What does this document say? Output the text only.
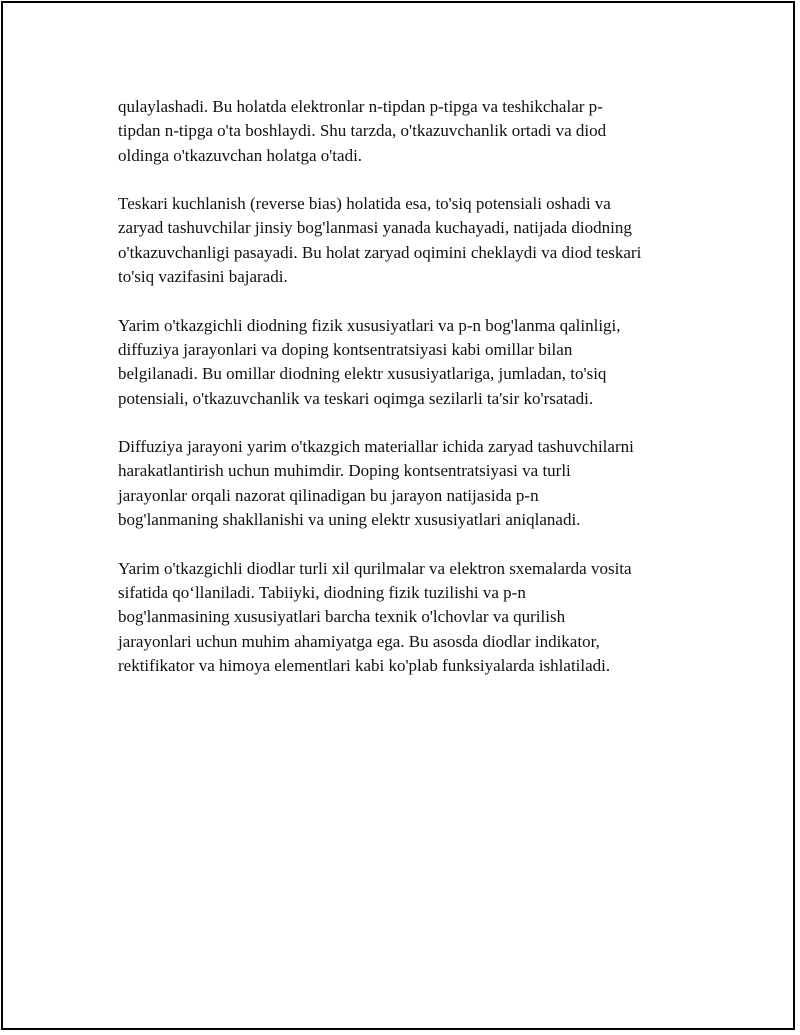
qulaylashadi. Bu holatda elektronlar n-tipdan p-tipga va teshikchalar p-
tipdan n-tipga o'ta boshlaydi. Shu tarzda, o'tkazuvchanlik ortadi va diod
oldinga o'tkazuvchan holatga o'tadi.

Teskari kuchlanish (reverse bias) holatida esa, to'siq potensiali oshadi va
zaryad tashuvchilar jinsiy bog'lanmasi yanada kuchayadi, natijada diodning
o'tkazuvchanligi pasayadi. Bu holat zaryad oqimini cheklaydi va diod teskari
to'siq vazifasini bajaradi.

Yarim o'tkazgichli diodning fizik xususiyatlari va p-n bog'lanma qalinligi,
diffuziya jarayonlari va doping kontsentratsiyasi kabi omillar bilan
belgilanadi. Bu omillar diodning elektr xususiyatlariga, jumladan, to'siq
potensiali, o'tkazuvchanlik va teskari oqimga sezilarli ta'sir ko'rsatadi.

Diffuziya jarayoni yarim o'tkazgich materiallar ichida zaryad tashuvchilarni
harakatlantirish uchun muhimdir. Doping kontsentratsiyasi va turli
jarayonlar orqali nazorat qilinadigan bu jarayon natijasida p-n
bog'lanmaning shakllanishi va uning elektr xususiyatlari aniqlanadi.

Yarim o'tkazgichli diodlar turli xil qurilmalar va elektron sxemalarda vosita
sifatida qo‘llaniladi. Tabiiyki, diodning fizik tuzilishi va p-n
bog'lanmasining xususiyatlari barcha texnik o'lchovlar va qurilish
jarayonlari uchun muhim ahamiyatga ega. Bu asosda diodlar indikator,
rektifikator va himoya elementlari kabi ko'plab funksiyalarda ishlatiladi.
